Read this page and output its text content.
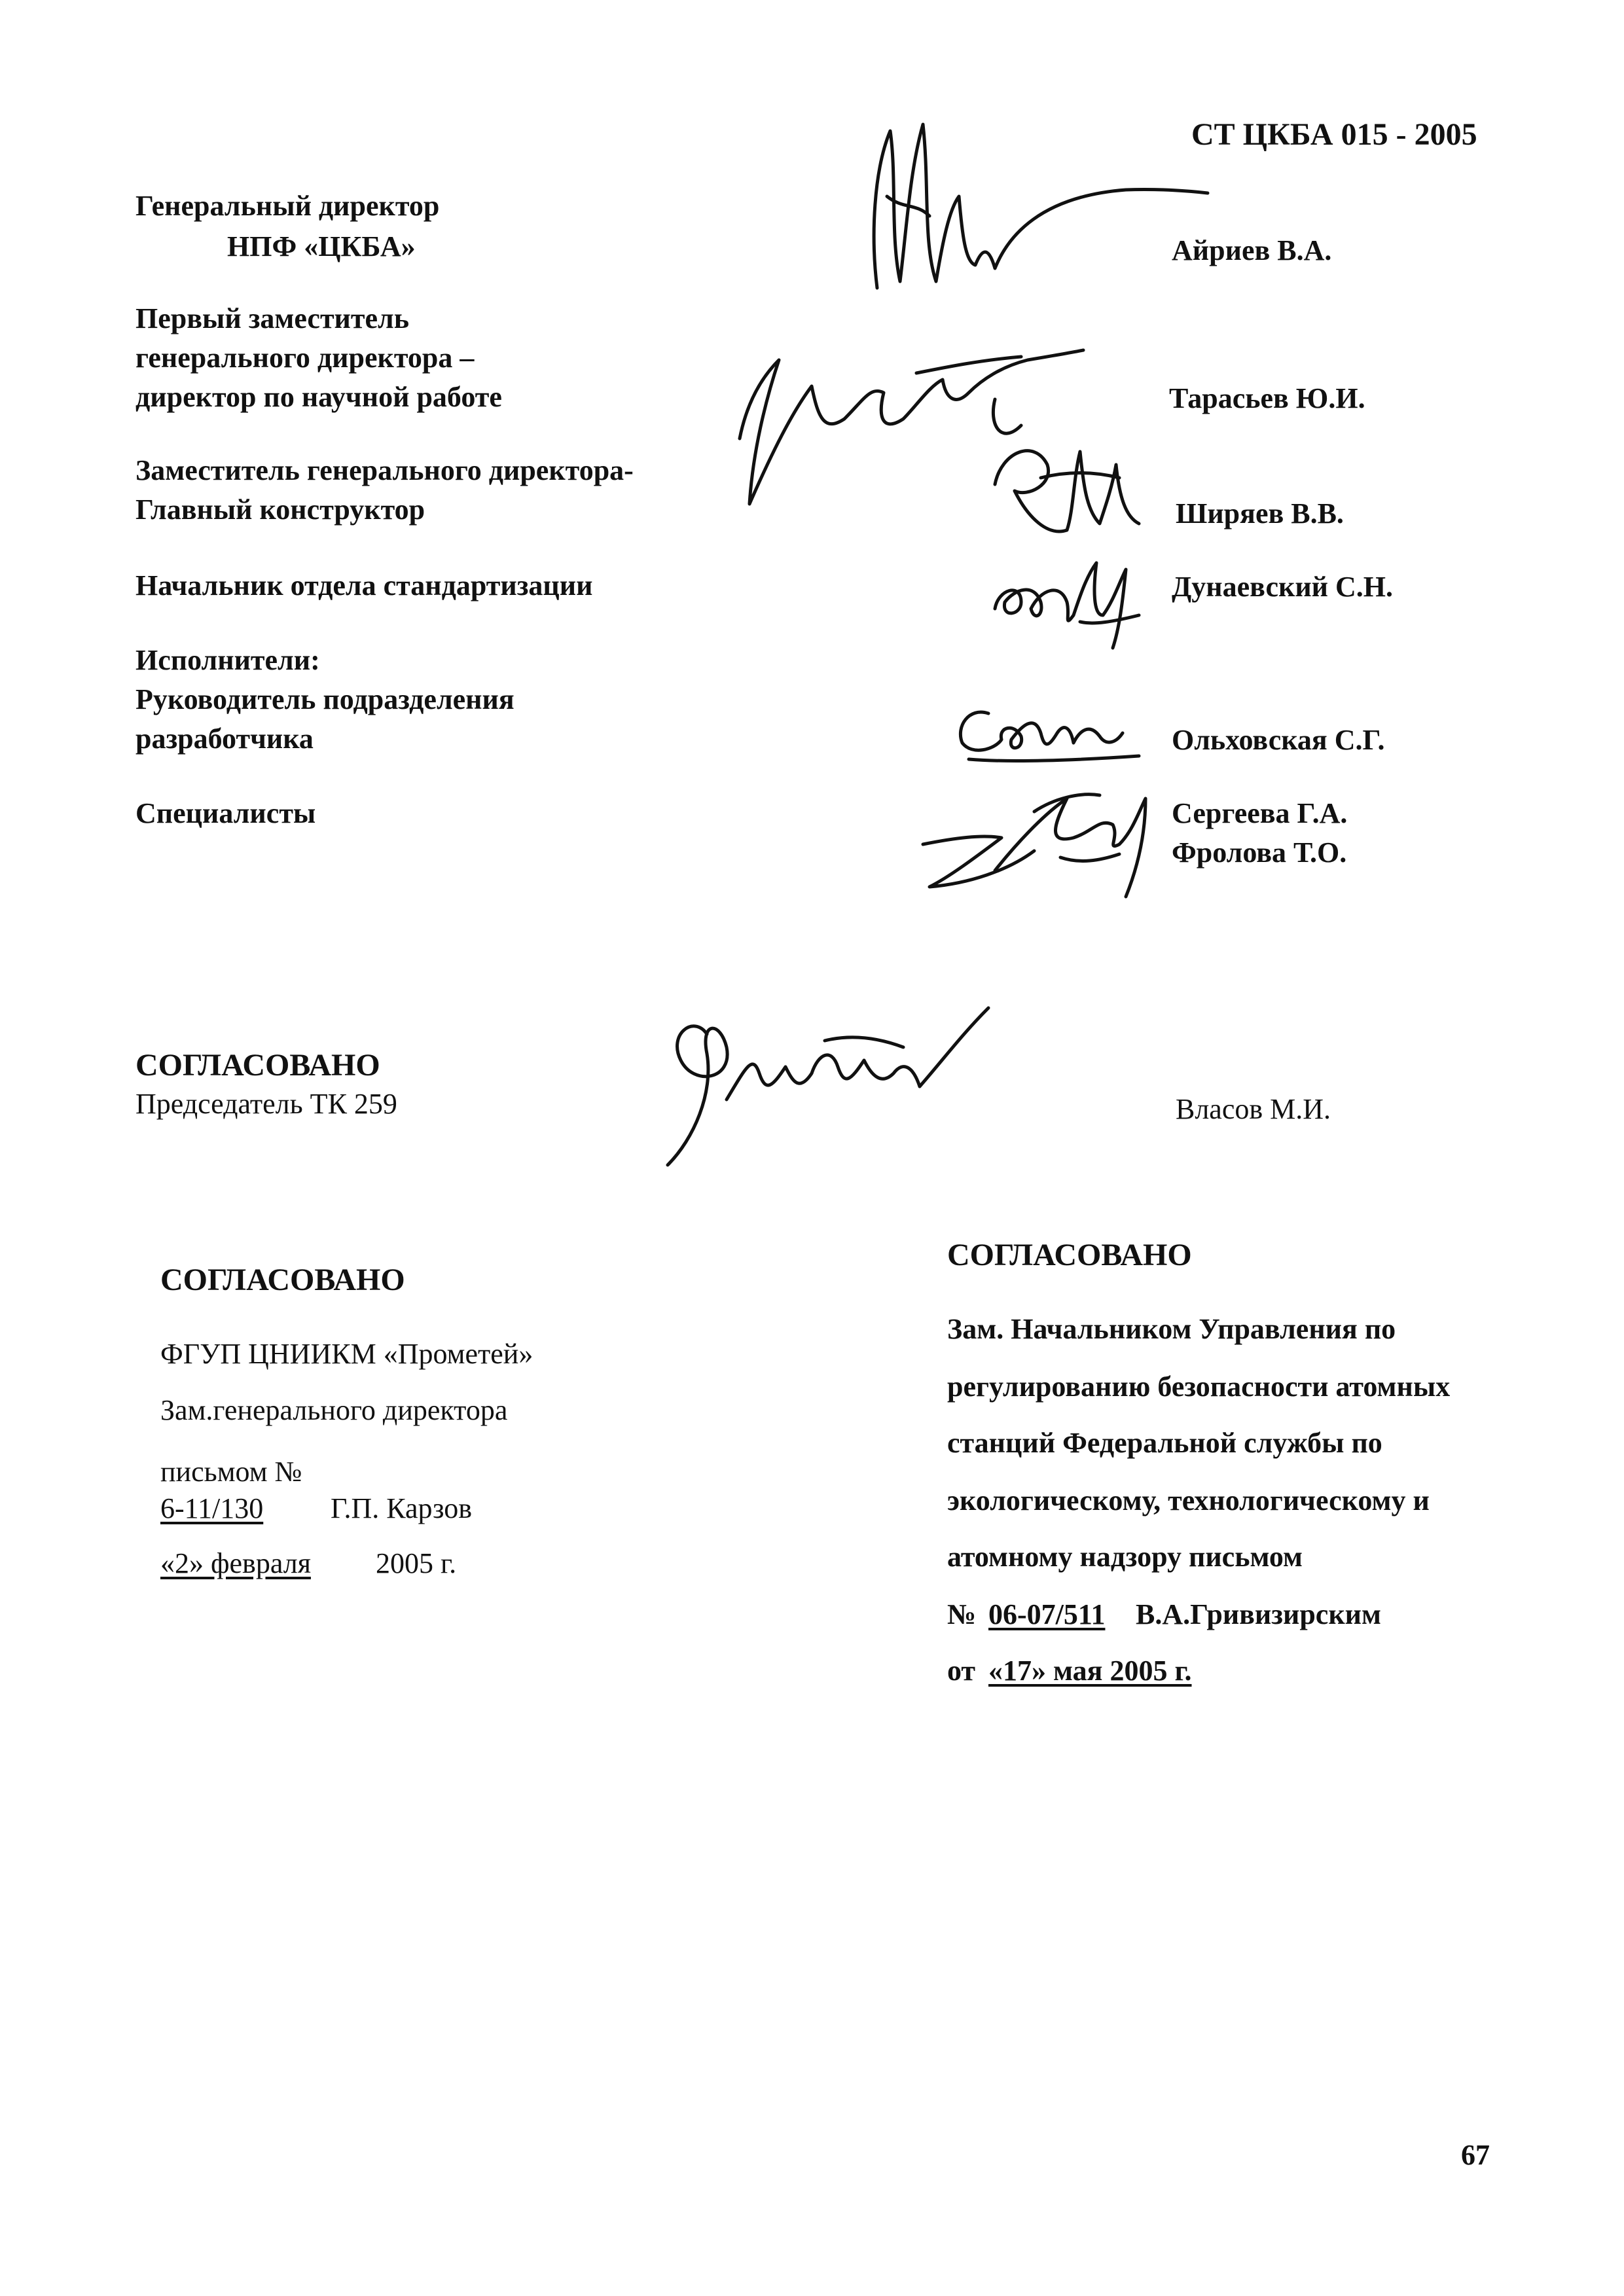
СТ ЦКБА 015 - 2005
Генеральный директор
НПФ «ЦКБА»
Первый заместитель
генерального директора –
директор по научной работе
Заместитель генерального директора-
Главный конструктор
Начальник отдела стандартизации
Исполнители:
Руководитель подразделения
разработчика
Специалисты
Айриев В.А.
Тарасьев Ю.И.
Ширяев В.В.
Дунаевский С.Н.
Ольховская С.Г.
Сергеева Г.А.
Фролова Т.О.
СОГЛАСОВАНО
Председатель ТК 259	Власов М.И.
СОГЛАСОВАНО
ФГУП ЦНИИКМ «Прометей»
Зам.генерального директора
письмом №
6-11/130 Г.П. Карзов
«2» февраля 2005 г.
СОГЛАСОВАНО
Зам. Начальником Управления по
регулированию безопасности атомных
станций Федеральной службы по
экологическому, технологическому и
атомному надзору письмом
№ 06-07/511 В.А.Гривизирским
от «17» мая 2005 г.
67
